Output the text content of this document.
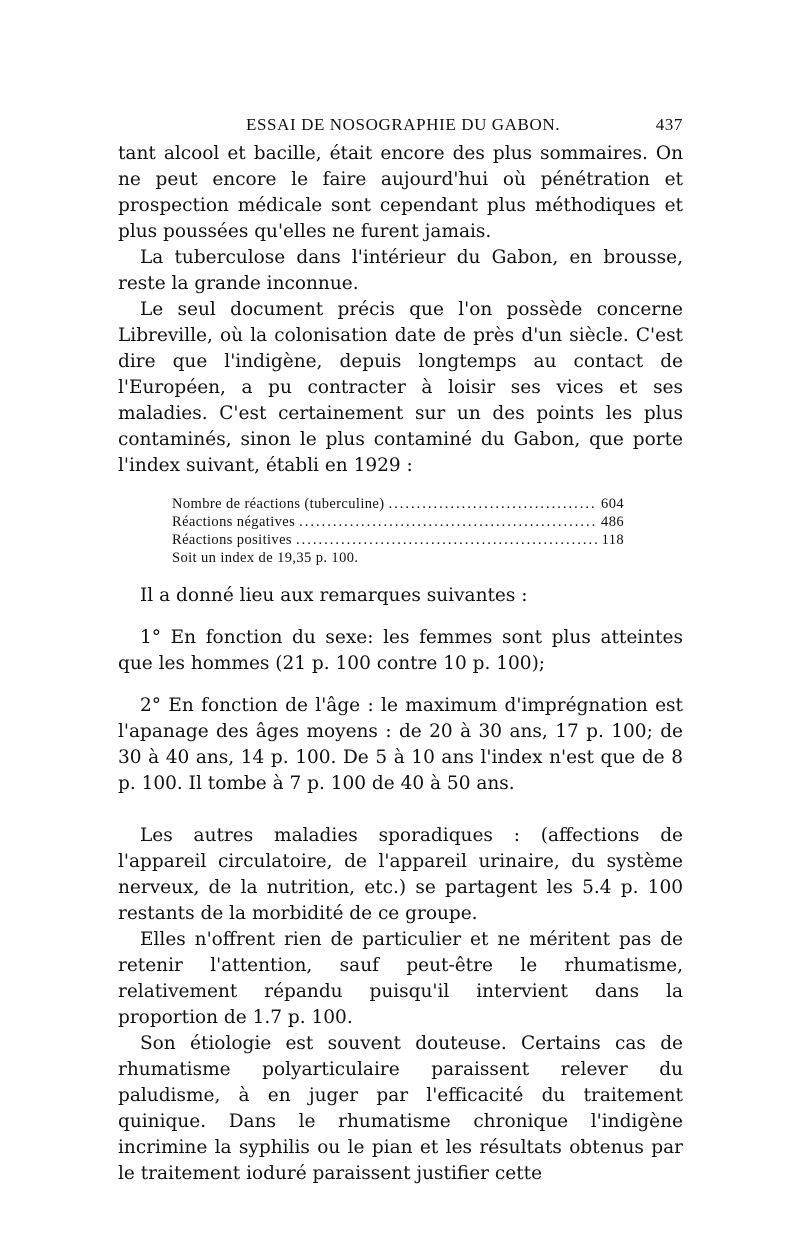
ESSAI DE NOSOGRAPHIE DU GABON.	437

tant alcool et bacille, était encore des plus sommaires. On ne peut encore le faire aujourd'hui où pénétration et prospection médicale sont cependant plus méthodiques et plus poussées qu'elles ne furent jamais.

La tuberculose dans l'intérieur du Gabon, en brousse, reste la grande inconnue.

Le seul document précis que l'on possède concerne Libreville, où la colonisation date de près d'un siècle. C'est dire que l'indigène, depuis longtemps au contact de l'Européen, a pu contracter à loisir ses vices et ses maladies. C'est certainement sur un des points les plus contaminés, sinon le plus contaminé du Gabon, que porte l'index suivant, établi en 1929 :

Nombre de réactions (tuberculine) .....	604
Réactions négatives .....	486
Réactions positives .....	118
Soit un index de 19,35 p. 100.

Il a donné lieu aux remarques suivantes :

1° En fonction du sexe: les femmes sont plus atteintes que les hommes (21 p. 100 contre 10 p. 100);

2° En fonction de l'âge : le maximum d'imprégnation est l'apanage des âges moyens : de 20 à 30 ans, 17 p. 100; de 30 à 40 ans, 14 p. 100. De 5 à 10 ans l'index n'est que de 8 p. 100. Il tombe à 7 p. 100 de 40 à 50 ans.

Les autres maladies sporadiques : (affections de l'appareil circulatoire, de l'appareil urinaire, du système nerveux, de la nutrition, etc.) se partagent les 5.4 p. 100 restants de la morbidité de ce groupe.

Elles n'offrent rien de particulier et ne méritent pas de retenir l'attention, sauf peut-être le rhumatisme, relativement répandu puisqu'il intervient dans la proportion de 1.7 p. 100.

Son étiologie est souvent douteuse. Certains cas de rhumatisme polyarticulaire paraissent relever du paludisme, à en juger par l'efficacité du traitement quinique. Dans le rhumatisme chronique l'indigène incrimine la syphilis ou le pian et les résultats obtenus par le traitement ioduré paraissent justifier cette
